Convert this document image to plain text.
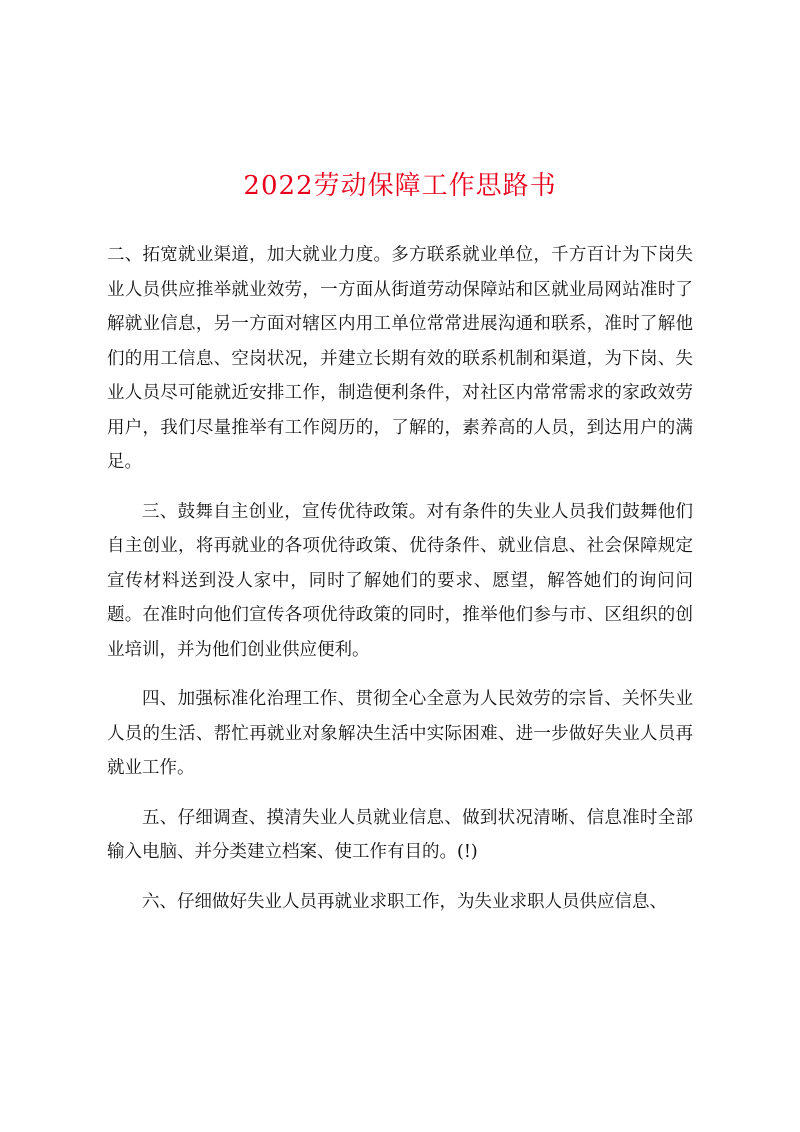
2022劳动保障工作思路书

二、拓宽就业渠道，加大就业力度。多方联系就业单位，千方百计为下岗失业人员供应推举就业效劳，一方面从街道劳动保障站和区就业局网站准时了解就业信息，另一方面对辖区内用工单位常常进展沟通和联系，准时了解他们的用工信息、空岗状况，并建立长期有效的联系机制和渠道，为下岗、失业人员尽可能就近安排工作，制造便利条件，对社区内常常需求的家政效劳用户，我们尽量推举有工作阅历的，了解的，素养高的人员，到达用户的满足。

三、鼓舞自主创业，宣传优待政策。对有条件的失业人员我们鼓舞他们自主创业，将再就业的各项优待政策、优待条件、就业信息、社会保障规定宣传材料送到没人家中，同时了解她们的要求、愿望，解答她们的询问问题。在准时向他们宣传各项优待政策的同时，推举他们参与市、区组织的创业培训，并为他们创业供应便利。

四、加强标准化治理工作、贯彻全心全意为人民效劳的宗旨、关怀失业人员的生活、帮忙再就业对象解决生活中实际困难、进一步做好失业人员再就业工作。

五、仔细调查、摸清失业人员就业信息、做到状况清晰、信息准时全部输入电脑、并分类建立档案、使工作有目的。(!)

六、仔细做好失业人员再就业求职工作，为失业求职人员供应信息、
